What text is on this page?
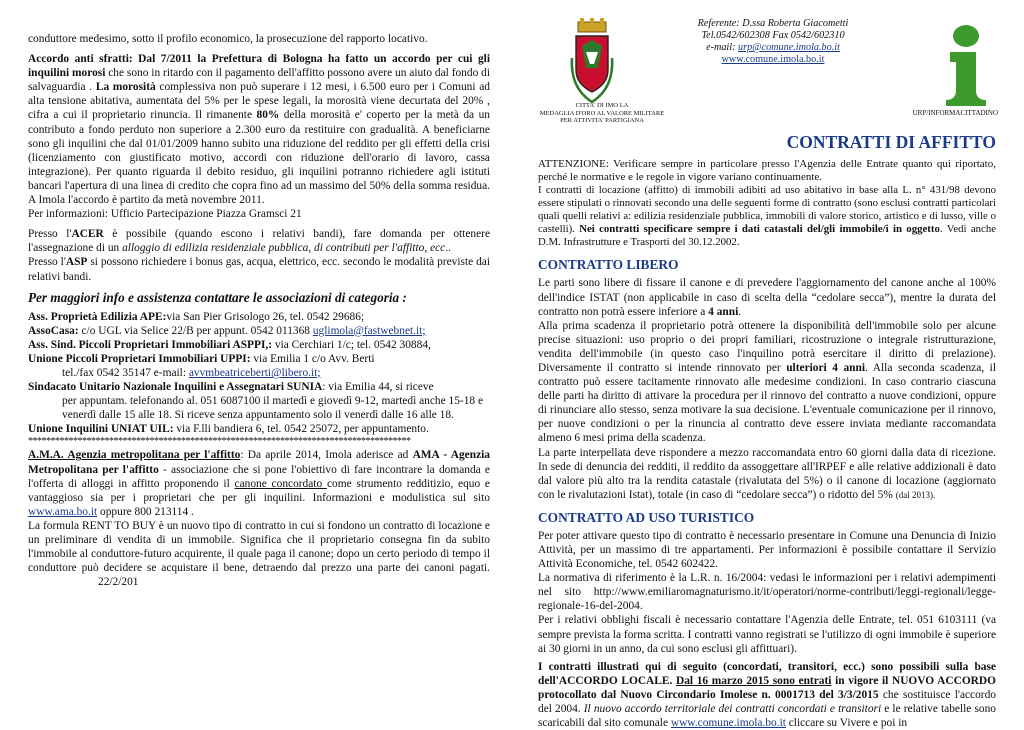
conduttore medesimo, sotto il profilo economico, la prosecuzione del rapporto locativo.

Accordo anti sfratti: Dal 7/2011 la Prefettura di Bologna ha fatto un accordo per cui gli inquilini morosi che sono in ritardo con il pagamento dell'affitto possono avere un aiuto dal fondo di salvaguardia . La morosità complessiva non può superare i 12 mesi, i 6.500 euro per i Comuni ad alta tensione abitativa, aumentata del 5% per le spese legali, la morosità viene decurtata del 20% , cifra a cui il proprietario rinuncia. Il rimanente 80% della morosità e' coperto per la metà da un contributo a fondo perduto non superiore a 2.300 euro da restituire con gradualità. A beneficiarne sono gli inquilini che dal 01/01/2009 hanno subito una riduzione del reddito per gli effetti della crisi (licenziamento con giustificato motivo, accordi con riduzione dell'orario di lavoro, cassa integrazione). Per quanto riguarda il debito residuo, gli inquilini potranno richiedere agli istituti bancari l'apertura di una linea di credito che copra fino ad un massimo del 50% della somma residua. A Imola l'accordo è partito da metà novembre 2011.

Per informazioni: Ufficio Partecipazione Piazza Gramsci 21

Presso l'ACER è possibile (quando escono i relativi bandi), fare domanda per ottenere l'assegnazione di un alloggio di edilizia residenziale pubblica, di contributi per l'affitto, ecc..

Presso l'ASP si possono richiedere i bonus gas, acqua, elettrico, ecc. secondo le modalità previste dai relativi bandi.

Per maggiori info e assistenza contattare le associazioni di categoria :

Ass. Proprietà Edilizia APE:via San Pier Grisologo 26, tel. 0542 29686;

AssoCasa: c/o UGL via Selice 22/B per appunt. 0542 011368 uglimola@fastwebnet.it;

Ass. Sind. Piccoli Proprietari Immobiliari ASPPI,: via Cerchiari 1/c; tel. 0542 30884,

Unione Piccoli Proprietari Immobiliari UPPI: via Emilia 1 c/o Avv. Berti

tel./fax 0542 35147 e-mail: avvmbeatriceberti@libero.it;

Sindacato Unitario Nazionale Inquilini e Assegnatari SUNIA: via Emilia 44, si riceve

per appuntam. telefonando al. 051 6087100 il martedì e giovedì 9-12, martedì anche 15-18 e venerdì dalle 15 alle 18. Si riceve senza appuntamento solo il venerdì dalle 16 alle 18.

Unione Inquilini UNIAT UIL: via F.lli bandiera 6, tel. 0542 25072, per appuntamento.

*************************************************************************************

A.M.A. Agenzia metropolitana per l'affitto: Da aprile 2014, Imola aderisce ad AMA - Agenzia Metropolitana per l'affitto - associazione che si pone l'obiettivo di fare incontrare la domanda e l'offerta di alloggi in affitto proponendo il canone concordato come strumento redditizio, equo e vantaggioso sia per i proprietari che per gli inquilini. Informazioni e modulistica sul sito www.ama.bo.it oppure 800 213114 .

La formula RENT TO BUY è un nuovo tipo di contratto in cui si fondono un contratto di locazione e un preliminare di vendita di un immobile. Significa che il proprietario consegna fin da subito l'immobile al conduttore-futuro acquirente, il quale paga il canone; dopo un certo periodo di tempo il conduttore può decidere se acquistare il bene, detraendo dal prezzo una parte dei canoni pagati.22/2/201

CITTA' DI IMO LA
MEDAGLIA D'ORO AL VALORE MILITARE
PER ATTIVITA' PARTIGIANA
Referente: D.ssa Roberta Giacometti
Tel.0542/602308 Fax 0542/602310
e-mail: urp@comune.imola.bo.it
www.comune.imola.bo.it
URP/INFORMACITTADINO
CONTRATTI DI AFFITTO

ATTENZIONE: Verificare sempre in particolare presso l'Agenzia delle Entrate quanto qui riportato, perché le normative e le regole in vigore variano continuamente.

I contratti di locazione (affitto) di immobili adibiti ad uso abitativo in base alla L. n° 431/98 devono essere stipulati o rinnovati secondo una delle seguenti forme di contratto (sono esclusi contratti particolari quali quelli relativi a: edilizia residenziale pubblica, immobili di valore storico, artistico e di lusso, ville o castelli). Nei contratti specificare sempre i dati catastali del/gli immobile/i in oggetto. Vedi anche D.M. Infrastrutture e Trasporti del 30.12.2002.

CONTRATTO LIBERO

Le parti sono libere di fissare il canone e di prevedere l'aggiornamento del canone anche al 100% dell'indice ISTAT (non applicabile in caso di scelta della “cedolare secca”), mentre la durata del contratto non potrà essere inferiore a 4 anni.

Alla prima scadenza il proprietario potrà ottenere la disponibilità dell'immobile solo per alcune precise situazioni: uso proprio o dei propri familiari, ricostruzione o integrale ristrutturazione, vendita dell'immobile (in questo caso l'inquilino potrà esercitare il diritto di prelazione). Diversamente il contratto si intende rinnovato per ulteriori 4 anni. Alla seconda scadenza, il contratto può essere tacitamente rinnovato alle medesime condizioni. In caso contrario ciascuna delle parti ha diritto di attivare la procedura per il rinnovo del contratto a nuove condizioni, oppure di rinunciare allo stesso, senza motivare la sua decisione. L'eventuale comunicazione per il rinnovo, per nuove condizioni o per la rinuncia al contratto deve essere inviata mediante raccomandata almeno 6 mesi prima della scadenza.

La parte interpellata deve rispondere a mezzo raccomandata entro 60 giorni dalla data di ricezione. In sede di denuncia dei redditi, il reddito da assoggettare all'IRPEF e alle relative addizionali è dato dal valore più alto tra la rendita catastale (rivalutata del 5%) o il canone di locazione (aggiornato con le rivalutazioni Istat), totale (in caso di “cedolare secca”) o ridotto del 5% (dal 2013).

CONTRATTO AD USO TURISTICO

Per poter attivare questo tipo di contratto è necessario presentare in Comune una Denuncia di Inizio Attività, per un massimo di tre appartamenti. Per informazioni è possibile contattare il Servizio Attività Economiche, tel. 0542 602422.

La normativa di riferimento è la L.R. n. 16/2004: vedasi le informazioni per i relativi adempimenti nel sito http://www.emiliaromagnaturismo.it/it/operatori/norme-contributi/leggi-regionali/legge-regionale-16-del-2004.

Per i relativi obblighi fiscali è necessario contattare l'Agenzia delle Entrate, tel. 051 6103111 (va sempre prevista la forma scritta. I contratti vanno registrati se l'utilizzo di ogni immobile è superiore ai 30 giorni in un anno, da cui sono esclusi gli affittuari).

I contratti illustrati qui di seguito (concordati, transitori, ecc.) sono possibili sulla base dell'ACCORDO LOCALE. Dal 16 marzo 2015 sono entrati in vigore il NUOVO ACCORDO protocollato dal Nuovo Circondario Imolese n. 0001713 del 3/3/2015 che sostituisce l'accordo del 2004. Il nuovo accordo territoriale dei contratti concordati e transitori e le relative tabelle sono scaricabili dal sito comunale www.comune.imola.bo.it cliccare su Vivere e poi in
